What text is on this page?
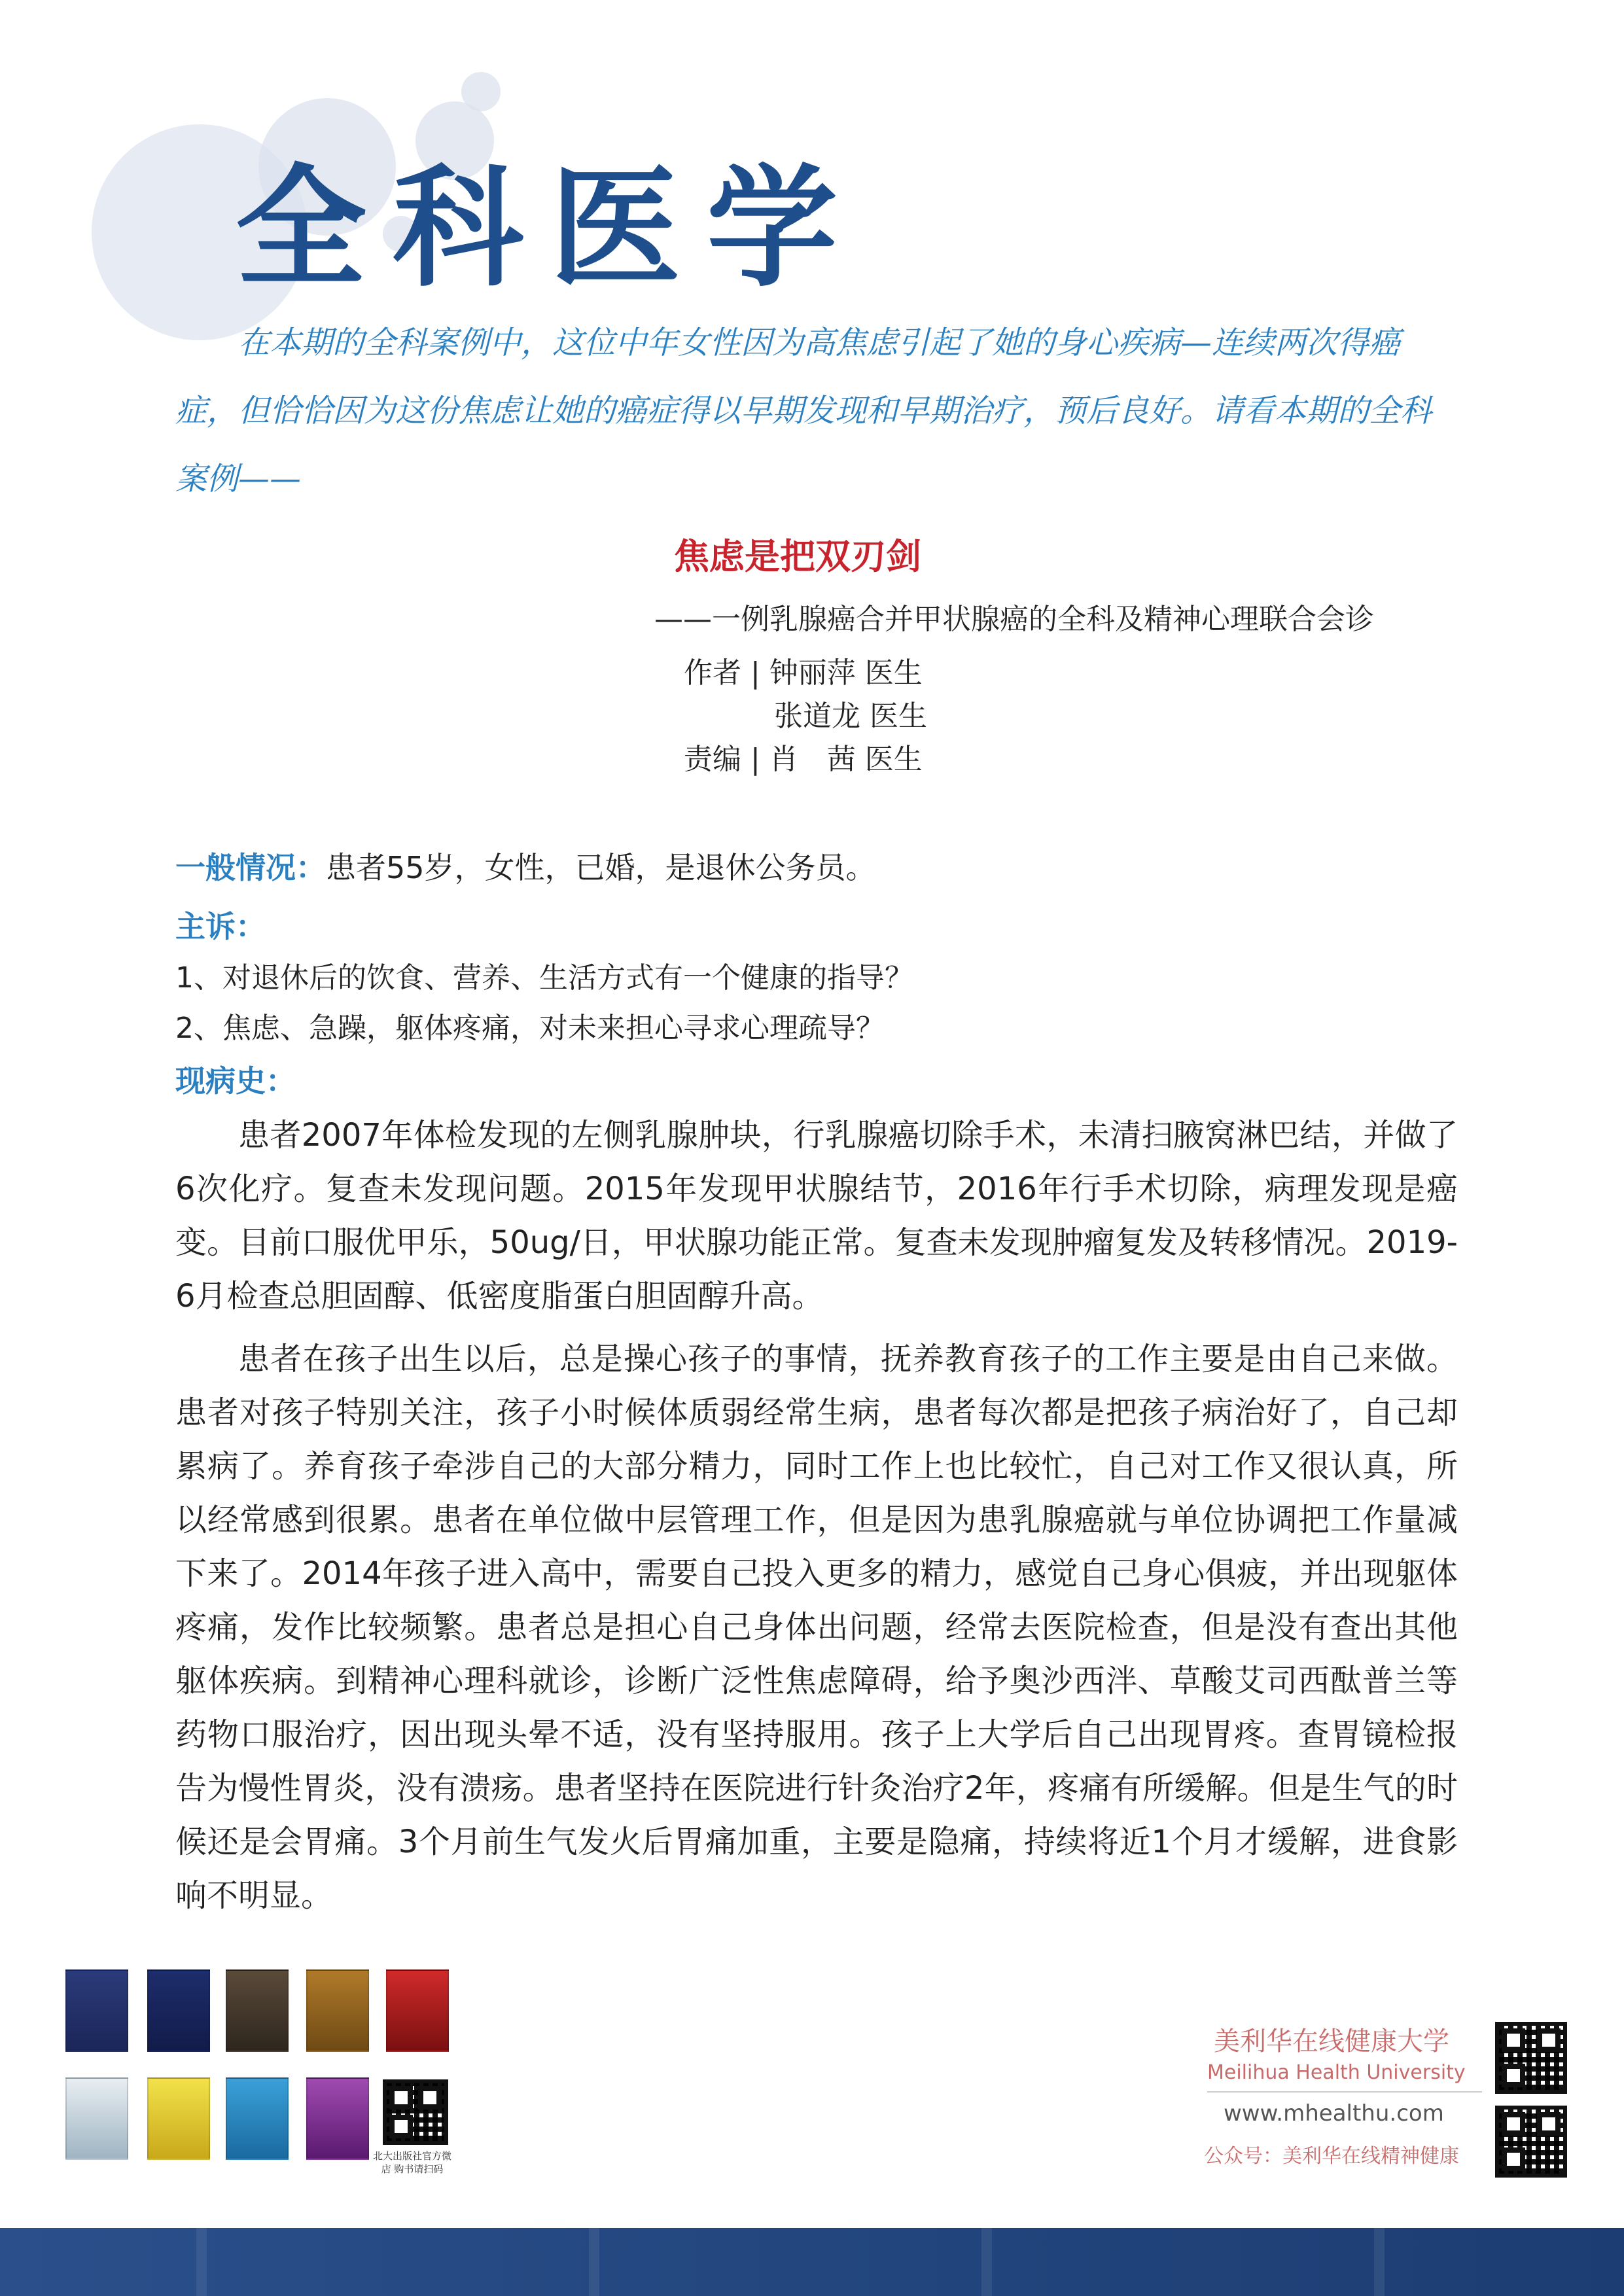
全科医学
在本期的全科案例中，这位中年女性因为高焦虑引起了她的身心疾病—连续两次得癌症，但恰恰因为这份焦虑让她的癌症得以早期发现和早期治疗，预后良好。请看本期的全科案例——
焦虑是把双刃剑
——一例乳腺癌合并甲状腺癌的全科及精神心理联合会诊
作者 | 钟丽萍 医生
张道龙 医生
责编 | 肖　茜 医生
一般情况：患者55岁，女性，已婚，是退休公务员。
主诉：
1、对退休后的饮食、营养、生活方式有一个健康的指导？
2、焦虑、急躁，躯体疼痛，对未来担心寻求心理疏导？
现病史：
患者2007年体检发现的左侧乳腺肿块，行乳腺癌切除手术，未清扫腋窝淋巴结，并做了6次化疗。复查未发现问题。2015年发现甲状腺结节，2016年行手术切除，病理发现是癌变。目前口服优甲乐，50ug/日，甲状腺功能正常。复查未发现肿瘤复发及转移情况。2019-6月检查总胆固醇、低密度脂蛋白胆固醇升高。
患者在孩子出生以后，总是操心孩子的事情，抚养教育孩子的工作主要是由自己来做。患者对孩子特别关注，孩子小时候体质弱经常生病，患者每次都是把孩子病治好了，自己却累病了。养育孩子牵涉自己的大部分精力，同时工作上也比较忙，自己对工作又很认真，所以经常感到很累。患者在单位做中层管理工作，但是因为患乳腺癌就与单位协调把工作量减下来了。2014年孩子进入高中，需要自己投入更多的精力，感觉自己身心俱疲，并出现躯体疼痛，发作比较频繁。患者总是担心自己身体出问题，经常去医院检查，但是没有查出其他躯体疾病。到精神心理科就诊，诊断广泛性焦虑障碍，给予奥沙西泮、草酸艾司西酞普兰等药物口服治疗，因出现头晕不适，没有坚持服用。孩子上大学后自己出现胃疼。查胃镜检报告为慢性胃炎，没有溃疡。患者坚持在医院进行针灸治疗2年，疼痛有所缓解。但是生气的时候还是会胃痛。3个月前生气发火后胃痛加重，主要是隐痛，持续将近1个月才缓解，进食影响不明显。
北大出版社官方微店 购书请扫码
美利华在线健康大学
Meilihua Health University
www.mhealthu.com
公众号：美利华在线精神健康
